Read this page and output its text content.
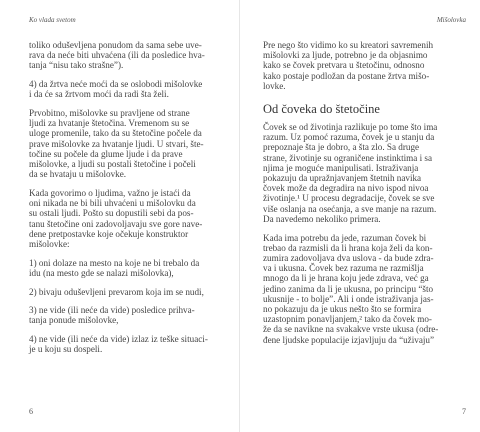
Ko vlada svetom

toliko oduševljena ponudom da sama sebe uve-
rava da neće biti uhvaćena (ili da posledice hva-
tanja “nisu tako strašne”).

4) da žrtva neće moći da se oslobodi mišolovke
i da će sa žrtvom moći da radi šta želi.

Prvobitno, mišolovke su pravljene od strane
ljudi za hvatanje štetočina. Vremenom su se
uloge promenile, tako da su štetočine počele da
prave mišolovke za hvatanje ljudi. U stvari, šte-
točine su počele da glume ljude i da prave
mišolovke, a ljudi su postali štetočine i počeli
da se hvataju u mišolovke.

Kada govorimo o ljudima, važno je istaći da
oni nikada ne bi bili uhvaćeni u mišolovku da
su ostali ljudi. Pošto su dopustili sebi da pos-
tanu štetočine oni zadovoljavaju sve gore nave-
dene pretpostavke koje očekuje konstruktor
mišolovke:

1) oni dolaze na mesto na koje ne bi trebalo da
idu (na mesto gde se nalazi mišolovka),

2) bivaju oduševljeni prevarom koja im se nudi,

3) ne vide (ili neće da vide) posledice prihva-
tanja ponude mišolovke,

4) ne vide (ili neće da vide) izlaz iz teške situaci-
je u koju su dospeli.

6
Mišolovka
7

Pre nego što vidimo ko su kreatori savremenih
mišolovki za ljude, potrebno je da objasnimo
kako se čovek pretvara u štetočinu, odnosno
kako postaje podložan da postane žrtva mišo-
lovke.

Od čoveka do štetočine

Čovek se od životinja razlikuje po tome što ima
razum. Uz pomoć razuma, čovek je u stanju da
prepoznaje šta je dobro, a šta zlo. Sa druge
strane, životinje su ograničene instinktima i sa
njima je moguće manipulisati. Istraživanja
pokazuju da upražnjavanjem štetnih navika
čovek može da degradira na nivo ispod nivoa
životinje.¹ U procesu degradacije, čovek se sve
više oslanja na osećanja, a sve manje na razum.
Da navedemo nekoliko primera.

Kada ima potrebu da jede, razuman čovek bi
trebao da razmisli da li hrana koja želi da kon-
zumira zadovoljava dva uslova - da bude zdra-
va i ukusna. Čovek bez razuma ne razmišlja
mnogo da li je hrana koju jede zdrava, već ga
jedino zanima da li je ukusna, po principu “što
ukusnije - to bolje”. Ali i onde istraživanja jas-
no pokazuju da je ukus nešto što se formira
uzastopnim ponavljanjem,² tako da čovek mo-
že da se navikne na svakakve vrste ukusa (odre-
đene ljudske populacije izjavljuju da “uživaju”
